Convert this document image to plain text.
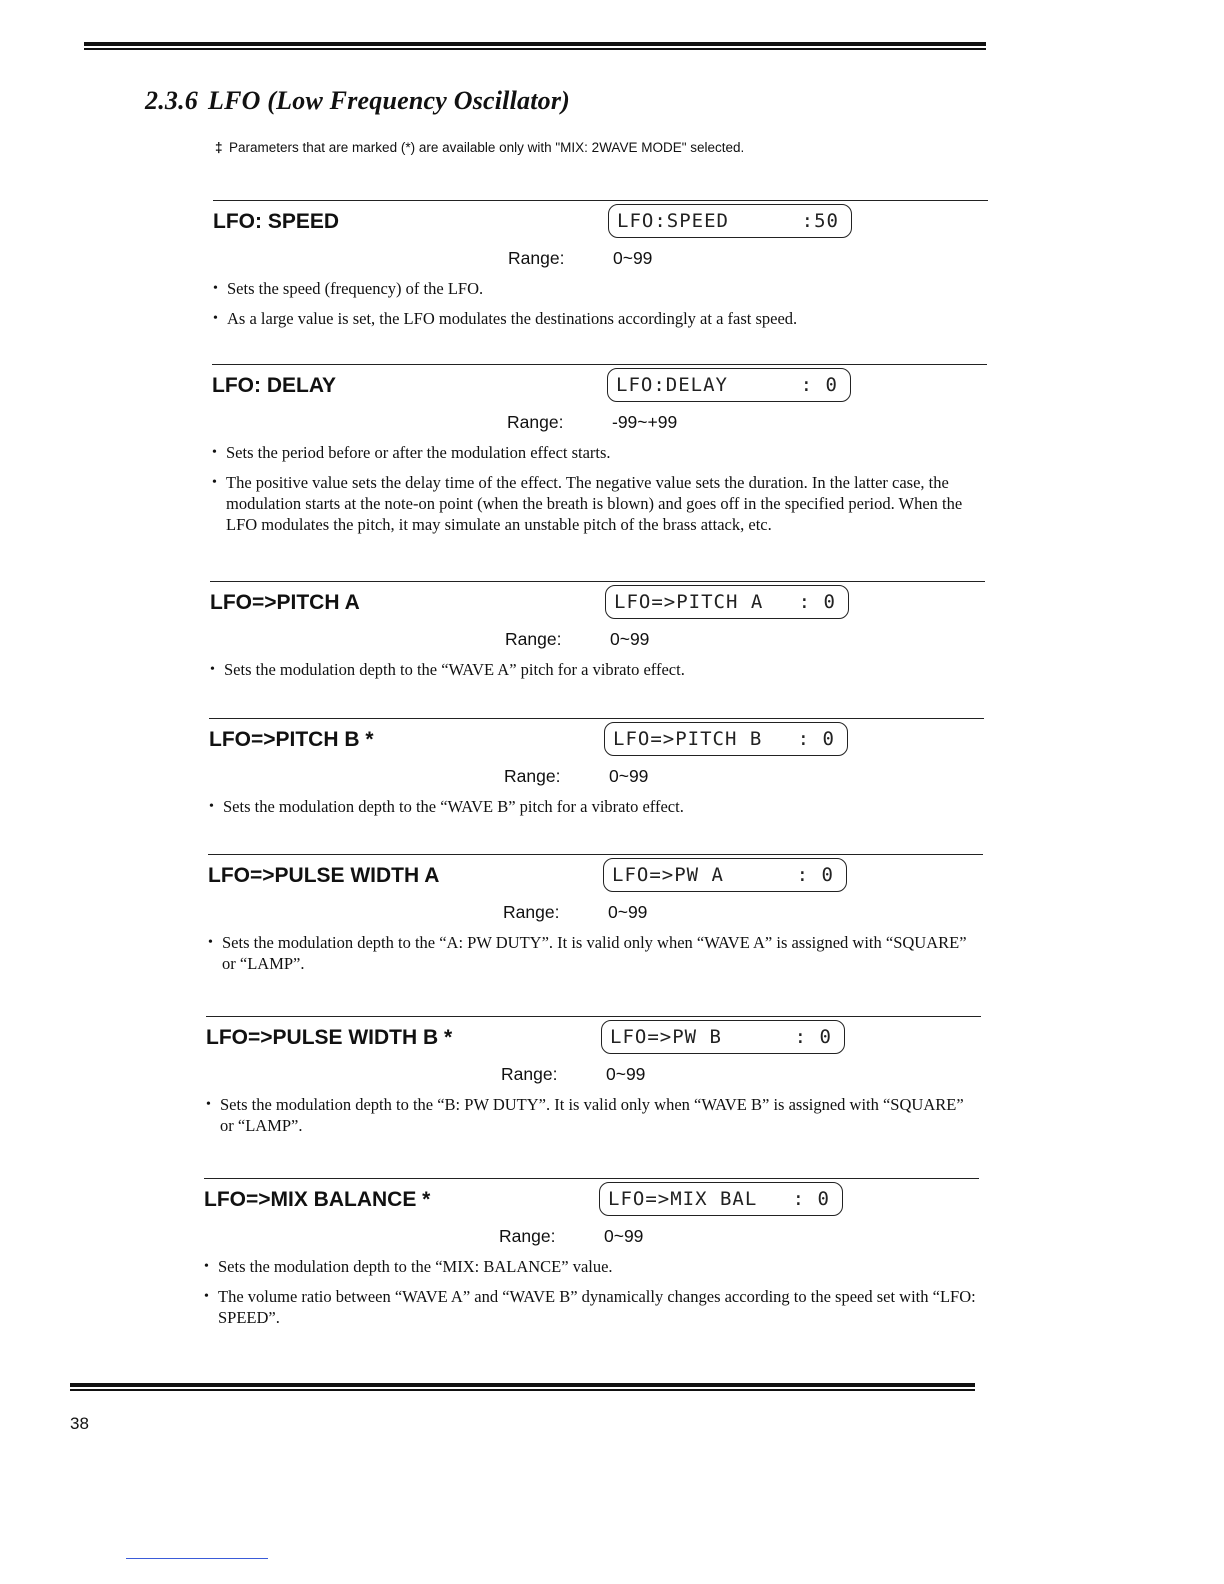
2.3.6 LFO (Low Frequency Oscillator)
‡ Parameters that are marked (*) are available only with "MIX: 2WAVE MODE" selected.
LFO: SPEED	LFO:SPEED	:50
Range:	0~99
• Sets the speed (frequency) of the LFO.
• As a large value is set, the LFO modulates the destinations accordingly at a fast speed.
LFO: DELAY	LFO:DELAY	: 0
Range:	-99~+99
• Sets the period before or after the modulation effect starts.
• The positive value sets the delay time of the effect. The negative value sets the duration. In the latter case, the modulation starts at the note-on point (when the breath is blown) and goes off in the specified period. When the LFO modulates the pitch, it may simulate an unstable pitch of the brass attack, etc.
LFO=>PITCH A	LFO=>PITCH A : 0
Range:	0~99
• Sets the modulation depth to the “WAVE A” pitch for a vibrato effect.
LFO=>PITCH B *	LFO=>PITCH B : 0
Range:	0~99
• Sets the modulation depth to the “WAVE B” pitch for a vibrato effect.
LFO=>PULSE WIDTH A	LFO=>PW A	: 0
Range:	0~99
• Sets the modulation depth to the “A: PW DUTY”. It is valid only when “WAVE A” is assigned with “SQUARE” or “LAMP”.
LFO=>PULSE WIDTH B *	LFO=>PW B	: 0
Range:	0~99
• Sets the modulation depth to the “B: PW DUTY”. It is valid only when “WAVE B” is assigned with “SQUARE” or “LAMP”.
LFO=>MIX BALANCE *	LFO=>MIX BAL : 0
Range:	0~99
• Sets the modulation depth to the “MIX: BALANCE” value.
• The volume ratio between “WAVE A” and “WAVE B” dynamically changes according to the speed set with “LFO: SPEED”.
38
